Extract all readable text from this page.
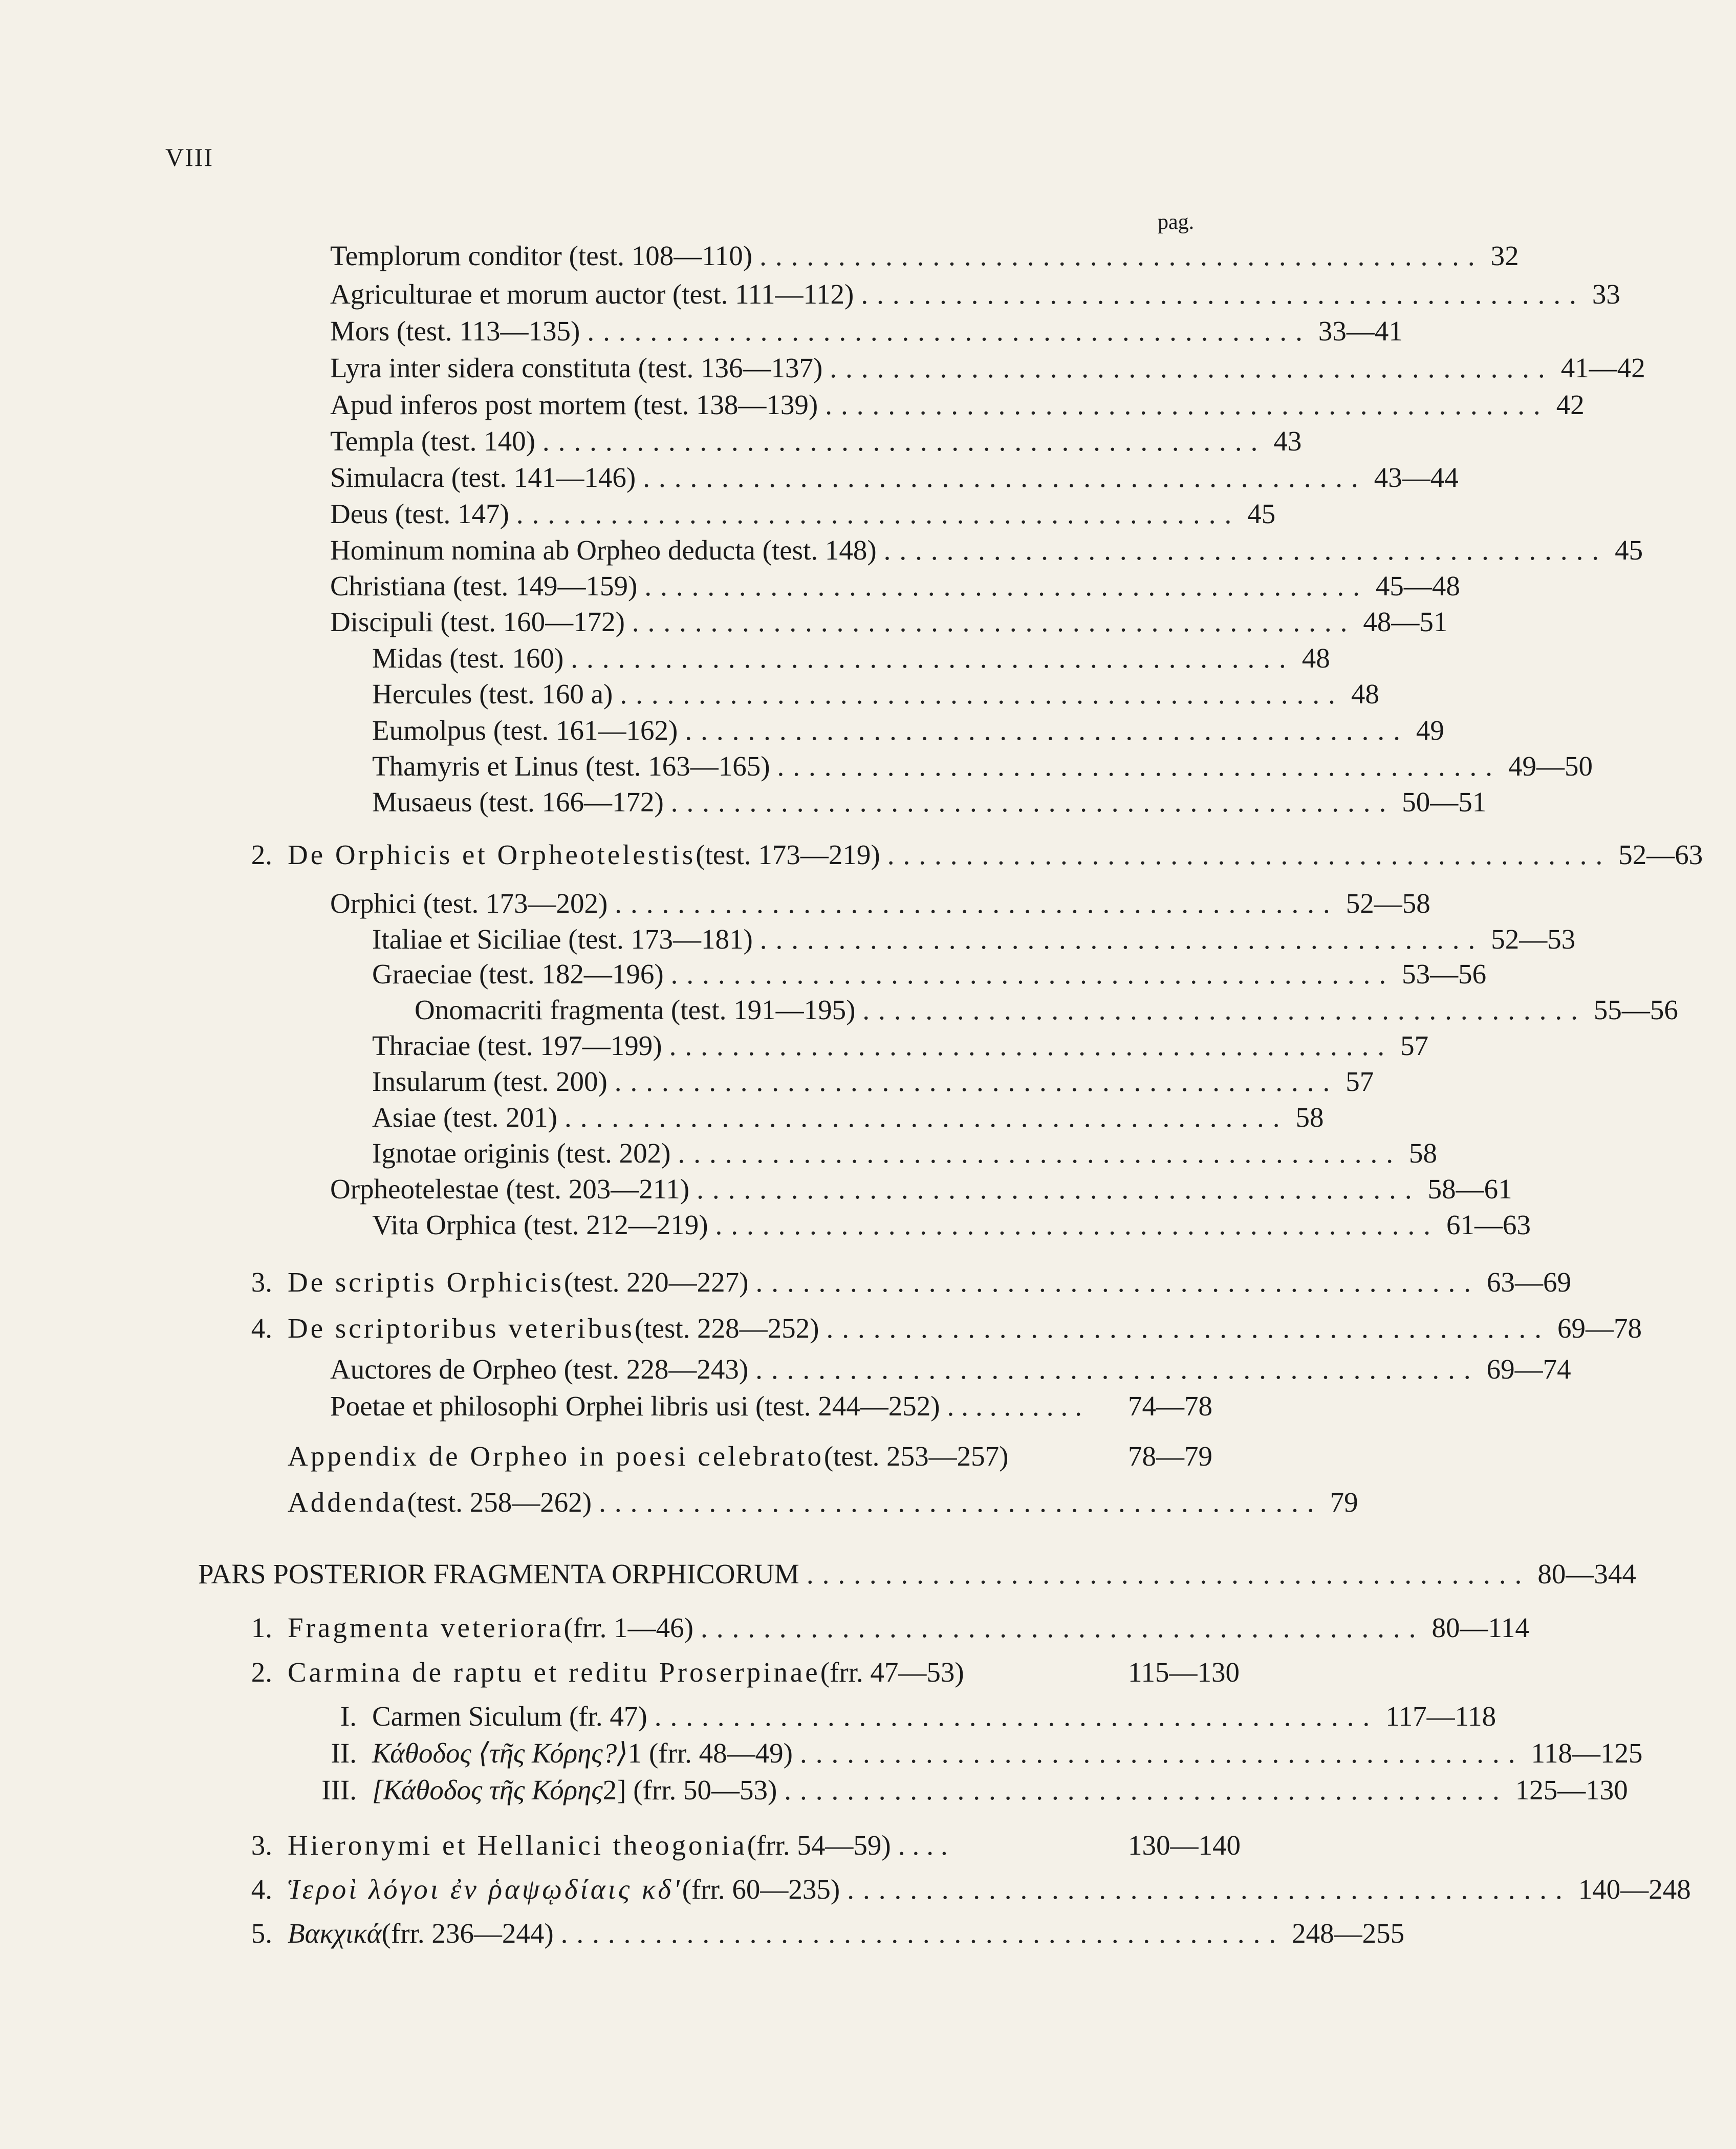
VIII
pag.
Templorum conditor (test. 108—110) .............................................. 32
Agriculturae et morum auctor (test. 111—112) .............................................. 33
Mors (test. 113—135) .............................................. 33—41
Lyra inter sidera constituta (test. 136—137) .............................................. 41—42
Apud inferos post mortem (test. 138—139) .............................................. 42
Templa (test. 140) .............................................. 43
Simulacra (test. 141—146) .............................................. 43—44
Deus (test. 147) .............................................. 45
Hominum nomina ab Orpheo deducta (test. 148) .............................................. 45
Christiana (test. 149—159) .............................................. 45—48
Discipuli (test. 160—172) .............................................. 48—51
Midas (test. 160) .............................................. 48
Hercules (test. 160 a) .............................................. 48
Eumolpus (test. 161—162) .............................................. 49
Thamyris et Linus (test. 163—165) .............................................. 49—50
Musaeus (test. 166—172) .............................................. 50—51
2. De Orphicis et Orpheotelestis (test. 173—219) .............................................. 52—63
Orphici (test. 173—202) .............................................. 52—58
Italiae et Siciliae (test. 173—181) .............................................. 52—53
Graeciae (test. 182—196) .............................................. 53—56
Onomacriti fragmenta (test. 191—195) .............................................. 55—56
Thraciae (test. 197—199) .............................................. 57
Insularum (test. 200) .............................................. 57
Asiae (test. 201) .............................................. 58
Ignotae originis (test. 202) .............................................. 58
Orpheotelestae (test. 203—211) .............................................. 58—61
Vita Orphica (test. 212—219) .............................................. 61—63
3. De scriptis Orphicis (test. 220—227) .............................................. 63—69
4. De scriptoribus veteribus (test. 228—252) .............................................. 69—78
Auctores de Orpheo (test. 228—243) .............................................. 69—74
Poetae et philosophi Orphei libris usi (test. 244—252) ..........	74—78
Appendix de Orpheo in poesi celebrato (test. 253—257)	78—79
Addenda (test. 258—262) .............................................. 79
PARS POSTERIOR FRAGMENTA ORPHICORUM .............................................. 80—344
1. Fragmenta veteriora (frr. 1—46) .............................................. 80—114
2. Carmina de raptu et reditu Proserpinae (frr. 47—53)	115—130
I. Carmen Siculum (fr. 47) .............................................. 117—118
II. Κάθοδος ⟨τῆς Κόρης?⟩ 1 (frr. 48—49) .............................................. 118—125
III. [Κάθοδος τῆς Κόρης 2] (frr. 50—53) .............................................. 125—130
3. Hieronymi et Hellanici theogonia (frr. 54—59) ....	130—140
4. Ἱεροὶ λόγοι ἐν ῥαψῳδίαις κδ' (frr. 60—235) .............................................. 140—248
5. Βακχικά (frr. 236—244) .............................................. 248—255
